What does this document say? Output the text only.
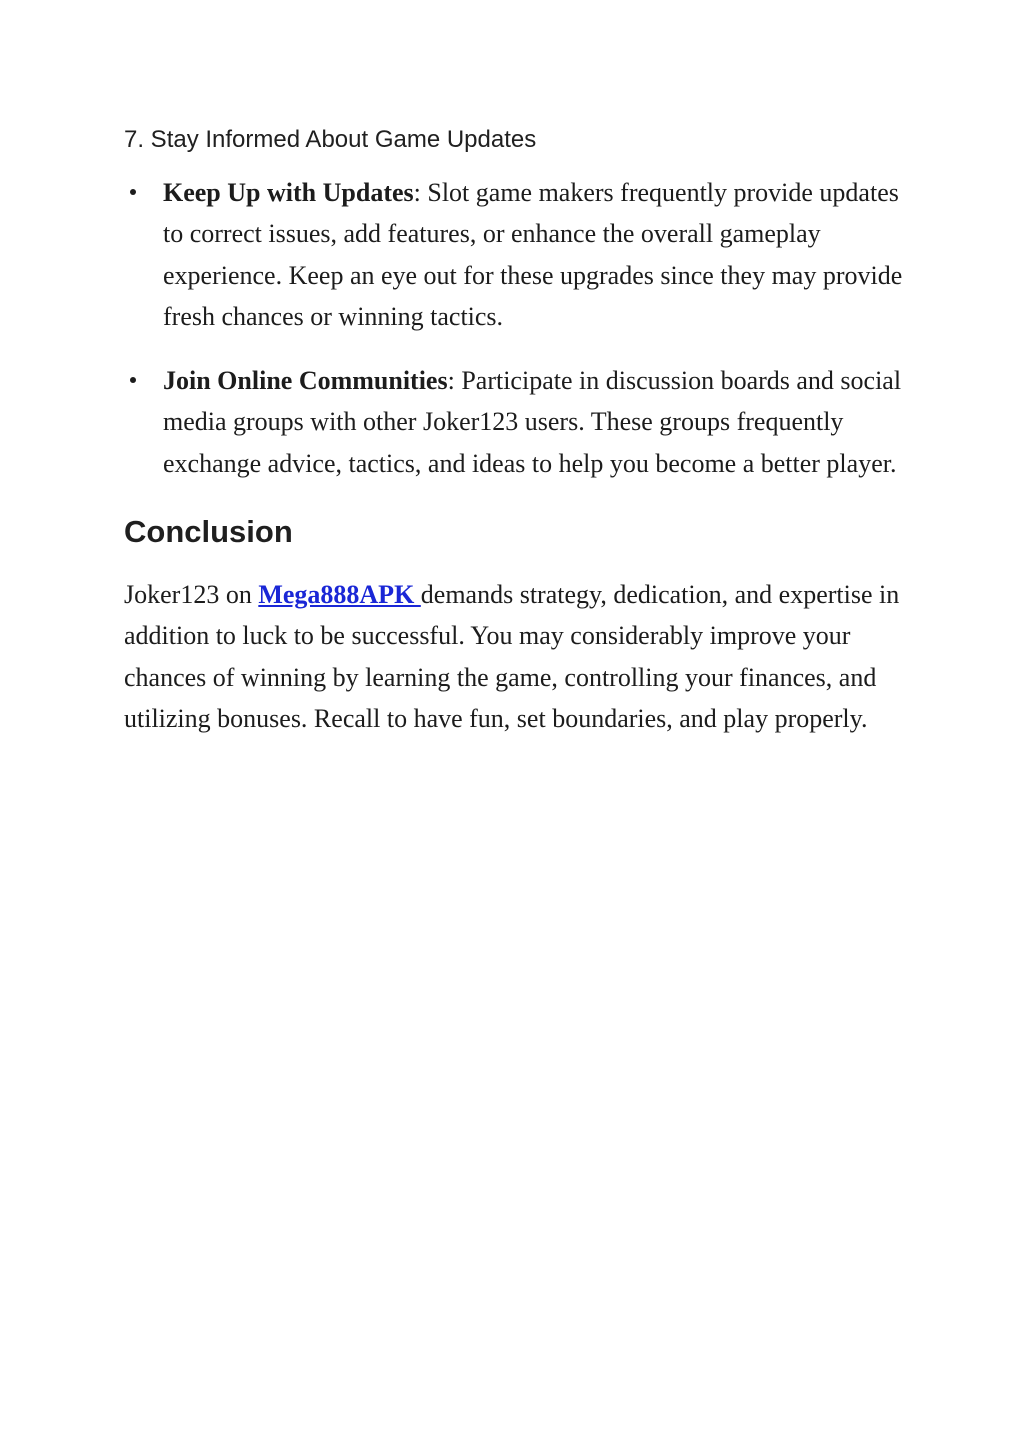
7. Stay Informed About Game Updates
Keep Up with Updates: Slot game makers frequently provide updates to correct issues, add features, or enhance the overall gameplay experience. Keep an eye out for these upgrades since they may provide fresh chances or winning tactics.
Join Online Communities: Participate in discussion boards and social media groups with other Joker123 users. These groups frequently exchange advice, tactics, and ideas to help you become a better player.
Conclusion

Joker123 on Mega888APK demands strategy, dedication, and expertise in addition to luck to be successful. You may considerably improve your chances of winning by learning the game, controlling your finances, and utilizing bonuses. Recall to have fun, set boundaries, and play properly.
